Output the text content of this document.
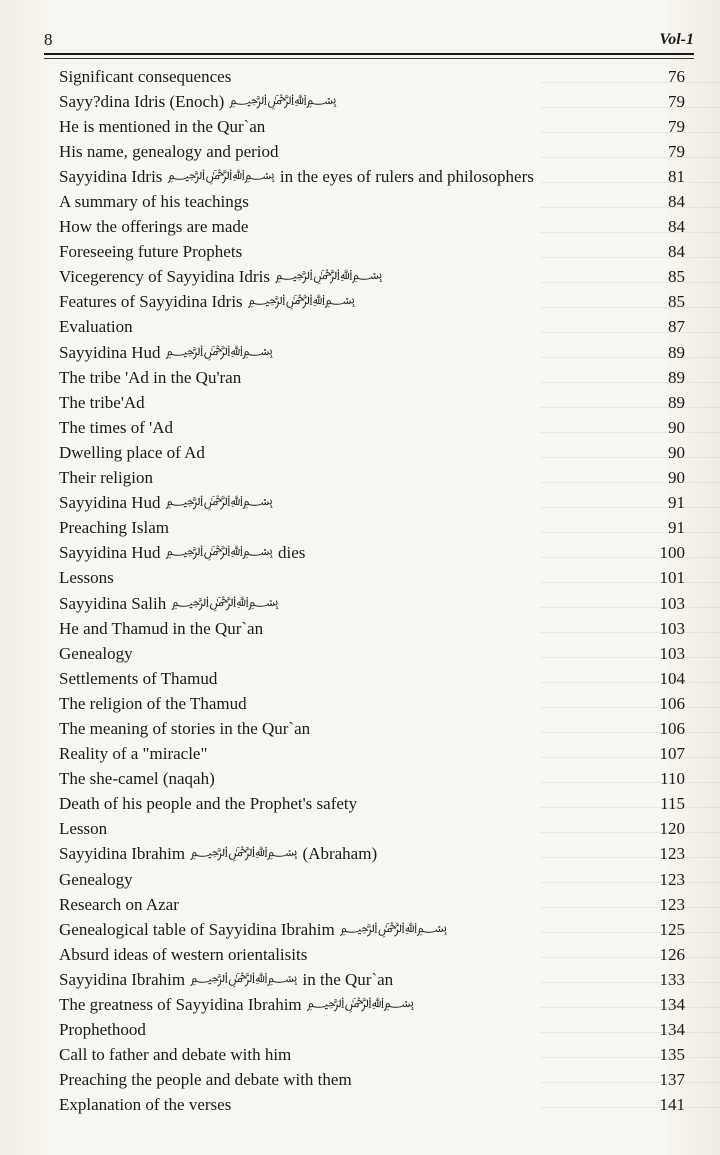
8	Vol-1
Significant consequences	76
Sayy?dina Idris (Enoch) ﷽	79
He is mentioned in the Qur`an	79
His name, genealogy and period	79
Sayyidina Idris ﷽ in the eyes of rulers and philosophers	81
A summary of his teachings	84
How the offerings are made	84
Foreseeing future Prophets	84
Vicegerency of Sayyidina Idris ﷽	85
Features of Sayyidina Idris ﷽	85
Evaluation	87
Sayyidina Hud ﷽	89
The tribe 'Ad in the Qu'ran	89
The tribe'Ad	89
The times of 'Ad	90
Dwelling place of Ad	90
Their religion	90
Sayyidina Hud ﷽	91
Preaching Islam	91
Sayyidina Hud ﷽ dies	100
Lessons	101
Sayyidina Salih ﷽	103
He and Thamud in the Qur`an	103
Genealogy	103
Settlements of Thamud	104
The religion of the Thamud	106
The meaning of stories in the Qur`an	106
Reality of a "miracle"	107
The she-camel (naqah)	110
Death of his people and the Prophet's safety	115
Lesson	120
Sayyidina Ibrahim ﷽ (Abraham)	123
Genealogy	123
Research on Azar	123
Genealogical table of Sayyidina Ibrahim ﷽	125
Absurd ideas of western orientalisits	126
Sayyidina Ibrahim ﷽ in the Qur`an	133
The greatness of Sayyidina Ibrahim ﷽	134
Prophethood	134
Call to father and debate with him	135
Preaching the people and debate with them	137
Explanation of the verses	141
